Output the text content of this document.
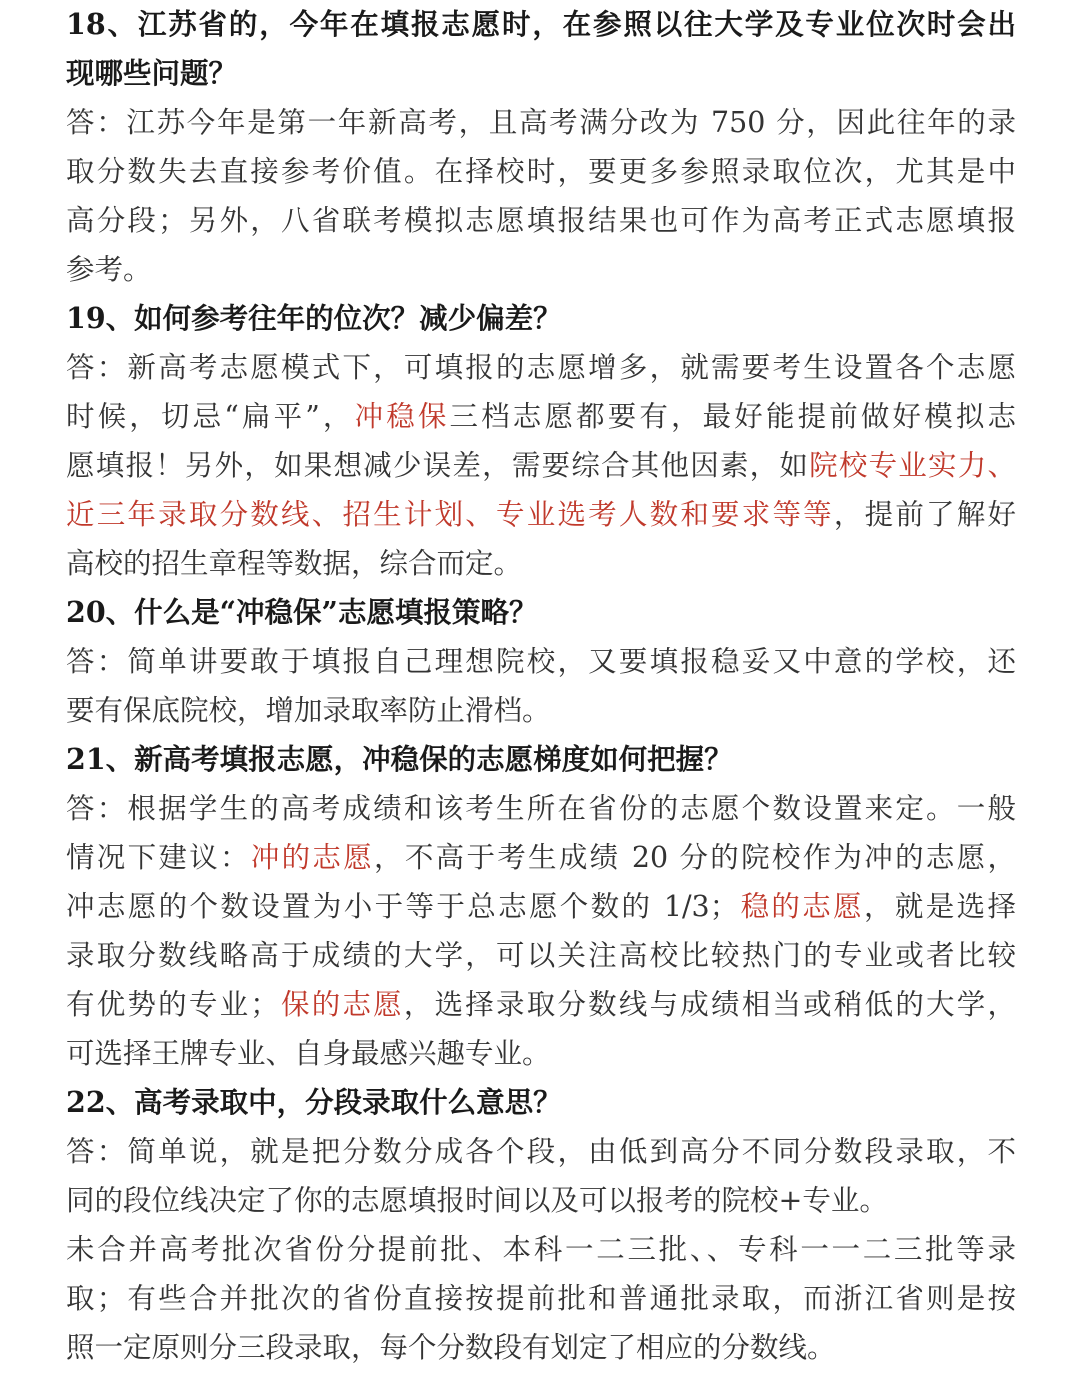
18、江苏省的，今年在填报志愿时，在参照以往大学及专业位次时会出
现哪些问题？
答：江苏今年是第一年新高考，且高考满分改为 750 分，因此往年的录
取分数失去直接参考价值。在择校时，要更多参照录取位次，尤其是中
高分段；另外，八省联考模拟志愿填报结果也可作为高考正式志愿填报
参考。
19、如何参考往年的位次？减少偏差？
答：新高考志愿模式下，可填报的志愿增多，就需要考生设置各个志愿
时候，切忌“扁平”，冲稳保三档志愿都要有，最好能提前做好模拟志
愿填报！另外，如果想减少误差，需要综合其他因素，如院校专业实力、
近三年录取分数线、招生计划、专业选考人数和要求等等，提前了解好
高校的招生章程等数据，综合而定。
20、什么是“冲稳保”志愿填报策略？
答：简单讲要敢于填报自己理想院校，又要填报稳妥又中意的学校，还
要有保底院校，增加录取率防止滑档。
21、新高考填报志愿，冲稳保的志愿梯度如何把握？
答：根据学生的高考成绩和该考生所在省份的志愿个数设置来定。一般
情况下建议：冲的志愿，不高于考生成绩 20 分的院校作为冲的志愿，
冲志愿的个数设置为小于等于总志愿个数的 1/3；稳的志愿，就是选择
录取分数线略高于成绩的大学，可以关注高校比较热门的专业或者比较
有优势的专业；保的志愿，选择录取分数线与成绩相当或稍低的大学，
可选择王牌专业、自身最感兴趣专业。
22、高考录取中，分段录取什么意思？
答：简单说，就是把分数分成各个段，由低到高分不同分数段录取，不
同的段位线决定了你的志愿填报时间以及可以报考的院校+专业。
未合并高考批次省份分提前批、本科一二三批、、专科一一二三批等录
取；有些合并批次的省份直接按提前批和普通批录取，而浙江省则是按
照一定原则分三段录取，每个分数段有划定了相应的分数线。
